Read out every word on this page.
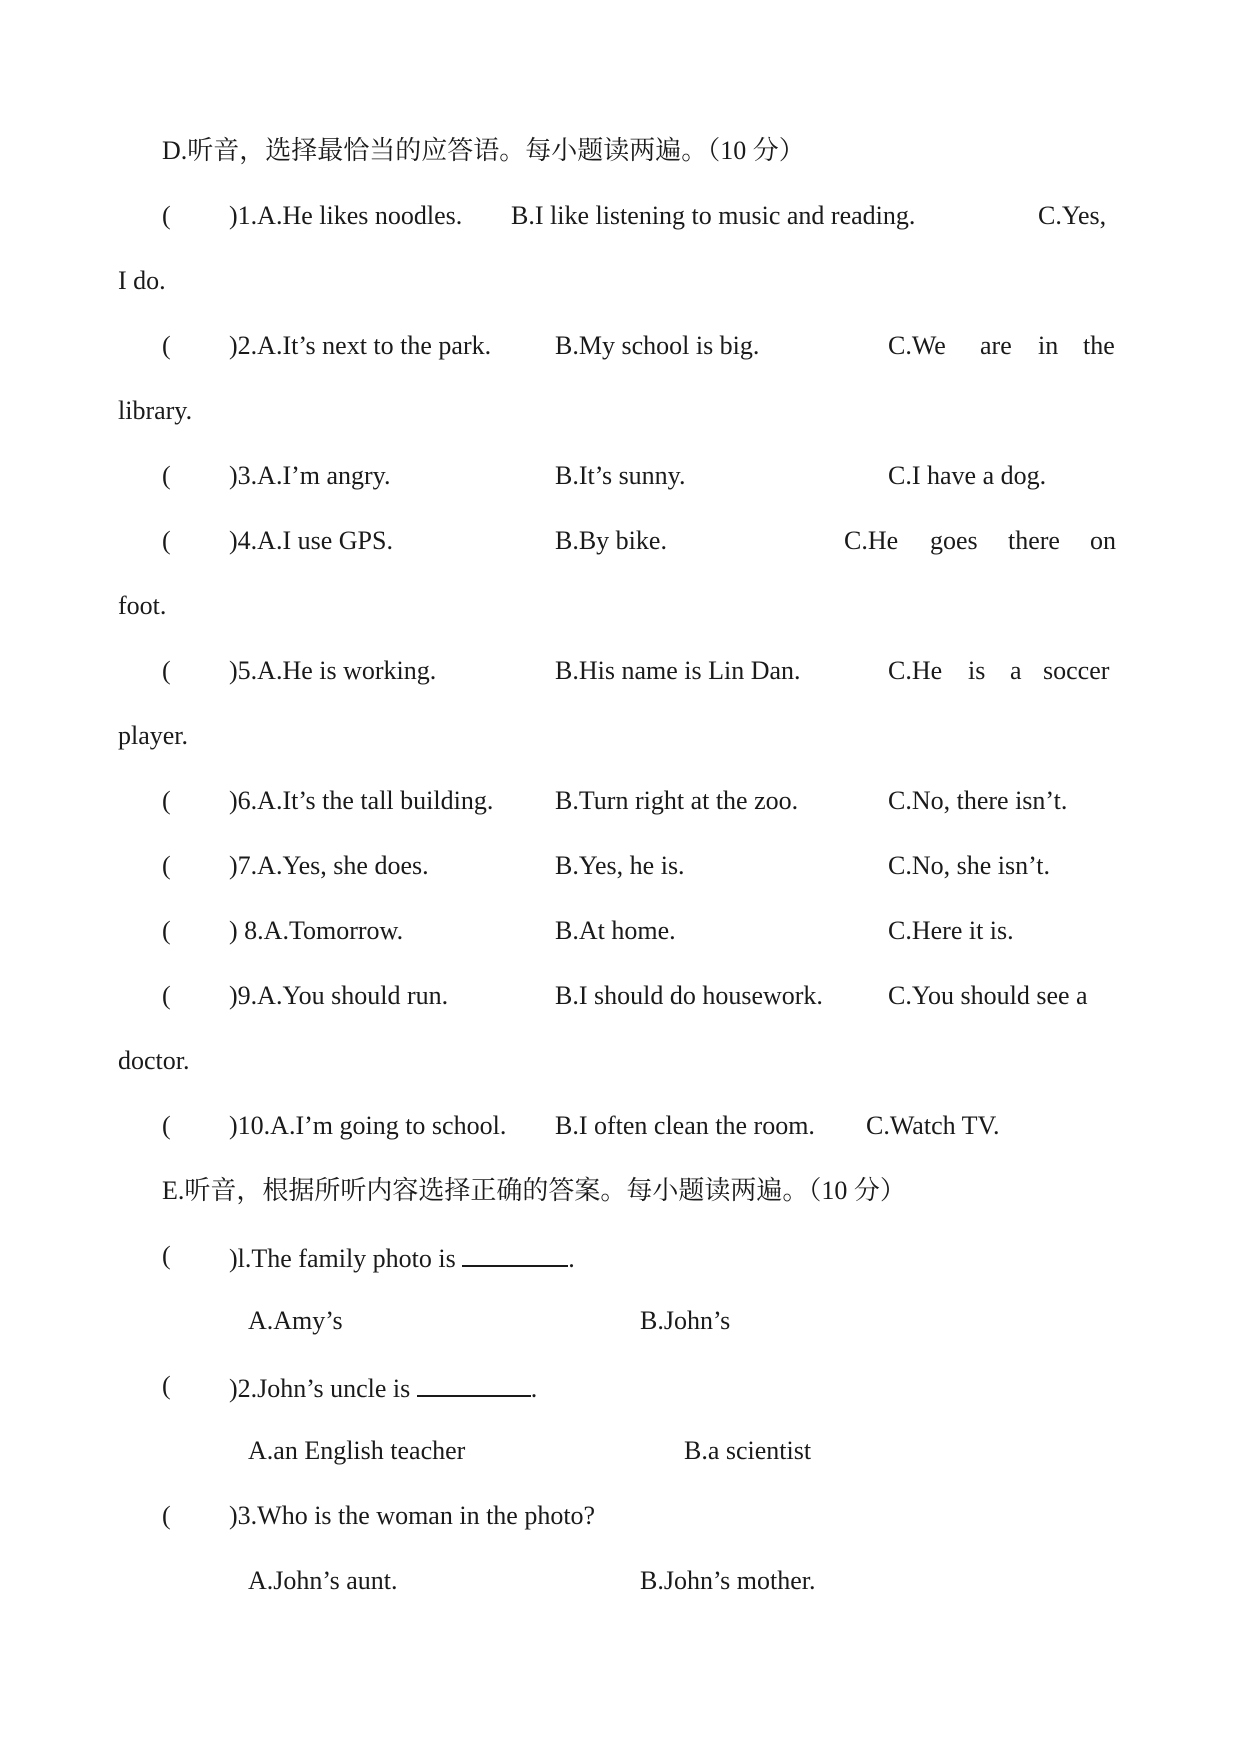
D.听音，选择最恰当的应答语。每小题读两遍。（10 分）
( )1.A.He likes noodles. B.I like listening to music and reading.	C.Yes,
I do.
( )2.A.It’s next to the park. B.My school is big.	C.We are in the
library.
( )3.A.I’m angry.	B.It’s sunny.	C.I have a dog.
( )4.A.I use GPS.	B.By bike.	C.He goes there on
foot.
( )5.A.He is working.	B.His name is Lin Dan.	C.He is a soccer
player.
( )6.A.It’s the tall building. B.Turn right at the zoo.	C.No, there isn’t.
( )7.A.Yes, she does.	B.Yes, he is.	C.No, she isn’t.
( ) 8.A.Tomorrow.	B.At home.	C.Here it is.
( )9.A.You should run.	B.I should do housework.	C.You should see a
doctor.
( )10.A.I’m going to school. B.I often clean the room. C.Watch TV.
E.听音，根据所听内容选择正确的答案。每小题读两遍。（10 分）
( )l.The family photo is	.
A.Amy’s	B.John’s
( )2.John’s uncle is	.
A.an English teacher	B.a scientist
( )3.Who is the woman in the photo?
A.John’s aunt.	B.John’s mother.
